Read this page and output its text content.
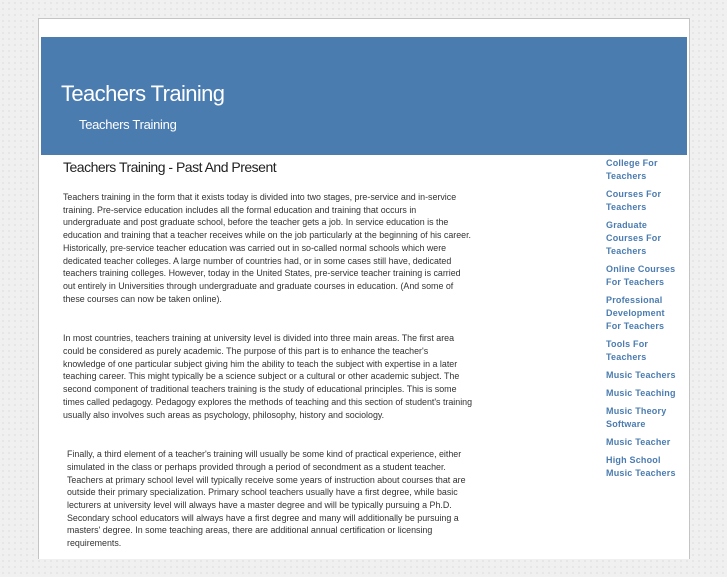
Teachers Training
Teachers Training
Teachers Training - Past And Present

Teachers training in the form that it exists today is divided into two stages, pre-service and in-service training. Pre-service education includes all the formal education and training that occurs in undergraduate and post graduate school, before the teacher gets a job. In service education is the education and training that a teacher receives while on the job particularly at the beginning of his career. Historically, pre-service teacher education was carried out in so-called normal schools which were dedicated teacher colleges. A large number of countries had, or in some cases still have, dedicated teachers training colleges. However, today in the United States, pre-service teacher training is carried out entirely in Universities through undergraduate and graduate courses in education. (And some of these courses can now be taken online).

In most countries, teachers training at university level is divided into three main areas. The first area could be considered as purely academic. The purpose of this part is to enhance the teacher's knowledge of one particular subject giving him the ability to teach the subject with expertise in a later teaching career. This might typically be a science subject or a cultural or other academic subject. The second component of traditional teachers training is the study of educational principles. This is some times called pedagogy. Pedagogy explores the methods of teaching and this section of student's training usually also involves such areas as psychology, philosophy, history and sociology.

Finally, a third element of a teacher's training will usually be some kind of practical experience, either simulated in the class or perhaps provided through a period of secondment as a student teacher. Teachers at primary school level will typically receive some years of instruction about courses that are outside their primary specialization. Primary school teachers usually have a first degree, while basic lecturers at university level will always have a master degree and will be typically pursuing a Ph.D. Secondary school educators will always have a first degree and many will additionally be pursuing a masters' degree. In some teaching areas, there are additional annual certification or licensing requirements.

College For Teachers
Courses For Teachers
Graduate Courses For Teachers
Online Courses For Teachers
Professional Development For Teachers
Tools For Teachers
Music Teachers
Music Teaching
Music Theory Software
Music Teacher
High School Music Teachers
